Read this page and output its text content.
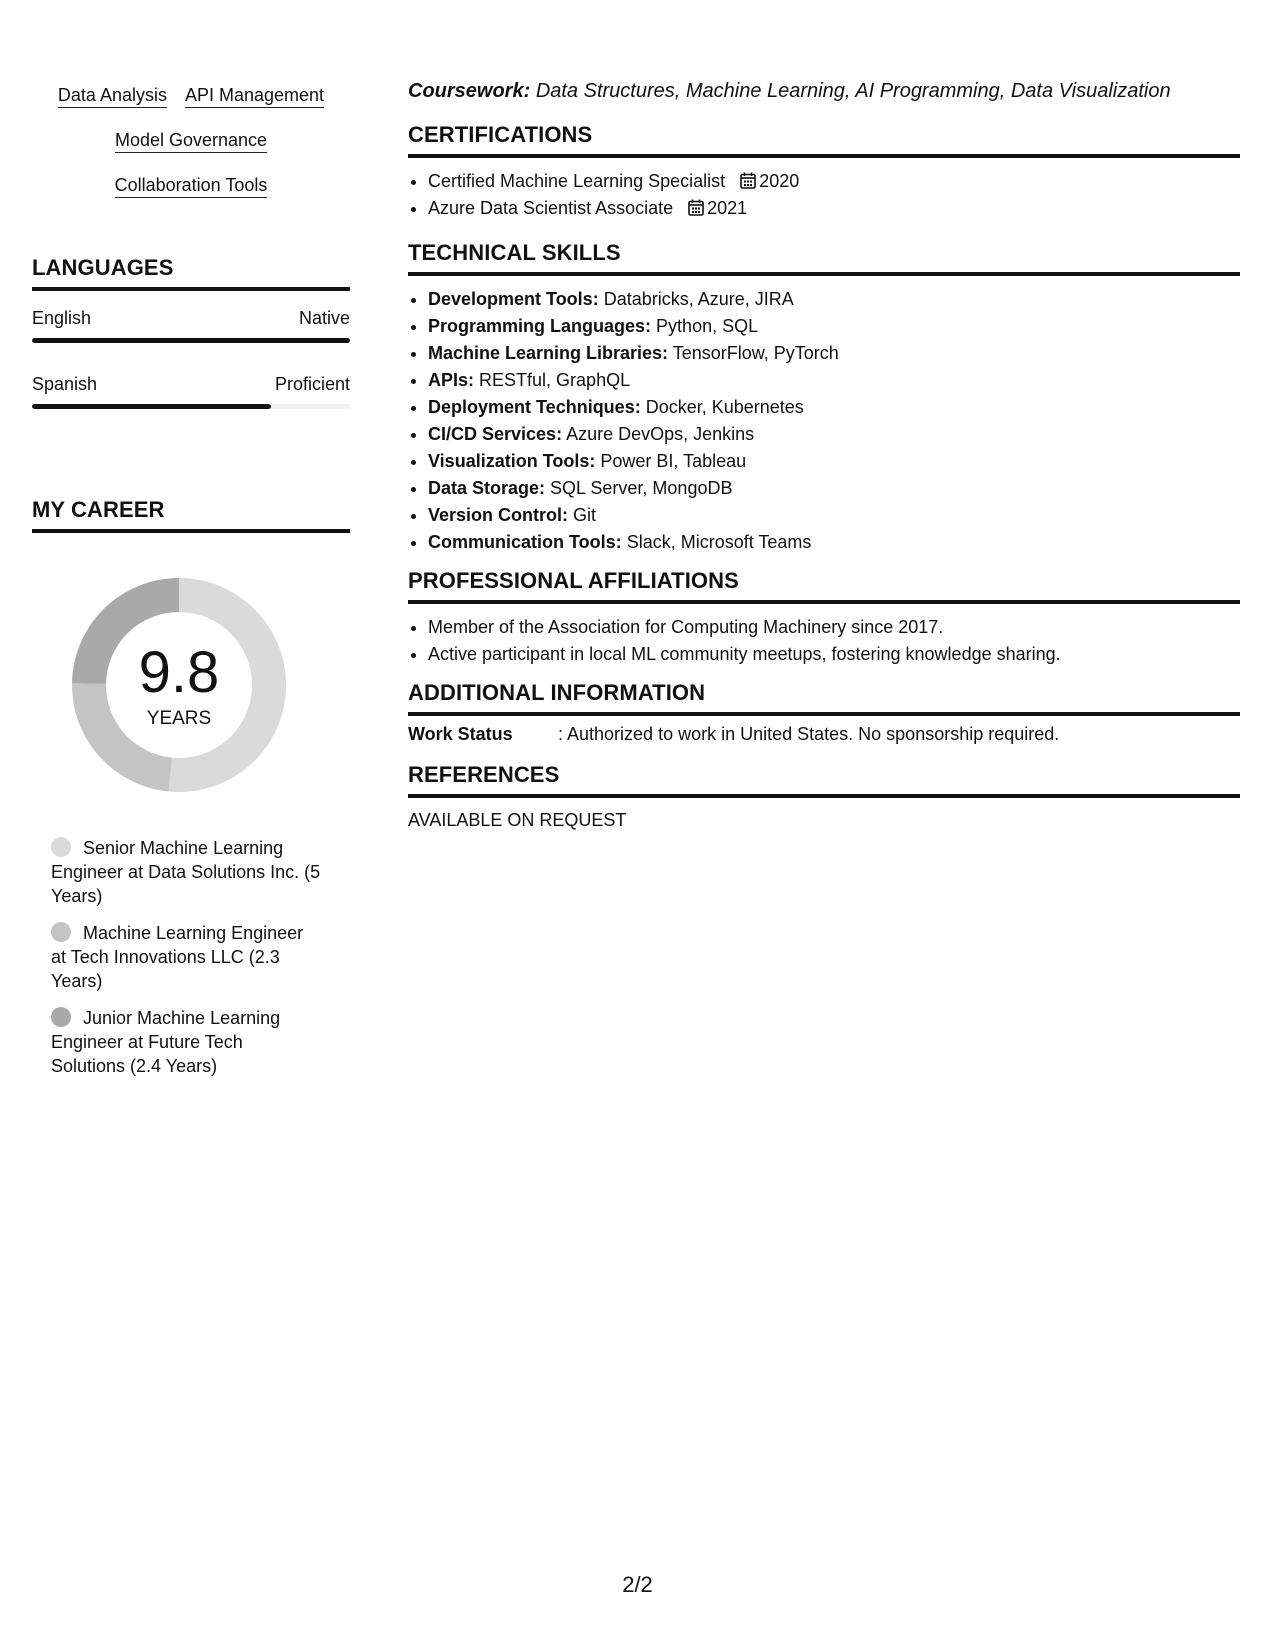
Data Analysis API Management
Model Governance
Collaboration Tools
LANGUAGES
English	Native
Spanish	Proficient
MY CAREER
9.8
YEARS
Senior Machine Learning Engineer at Data Solutions Inc. (5 Years)
Machine Learning Engineer at Tech Innovations LLC (2.3 Years)
Junior Machine Learning Engineer at Future Tech Solutions (2.4 Years)
Coursework: Data Structures, Machine Learning, AI Programming, Data Visualization
CERTIFICATIONS
• Certified Machine Learning Specialist 2020
• Azure Data Scientist Associate 2021
TECHNICAL SKILLS
• Development Tools: Databricks, Azure, JIRA
• Programming Languages: Python, SQL
• Machine Learning Libraries: TensorFlow, PyTorch
• APIs: RESTful, GraphQL
• Deployment Techniques: Docker, Kubernetes
• CI/CD Services: Azure DevOps, Jenkins
• Visualization Tools: Power BI, Tableau
• Data Storage: SQL Server, MongoDB
• Version Control: Git
• Communication Tools: Slack, Microsoft Teams
PROFESSIONAL AFFILIATIONS
• Member of the Association for Computing Machinery since 2017.
• Active participant in local ML community meetups, fostering knowledge sharing.
ADDITIONAL INFORMATION
Work Status	: Authorized to work in United States. No sponsorship required.
REFERENCES
AVAILABLE ON REQUEST
2/2
